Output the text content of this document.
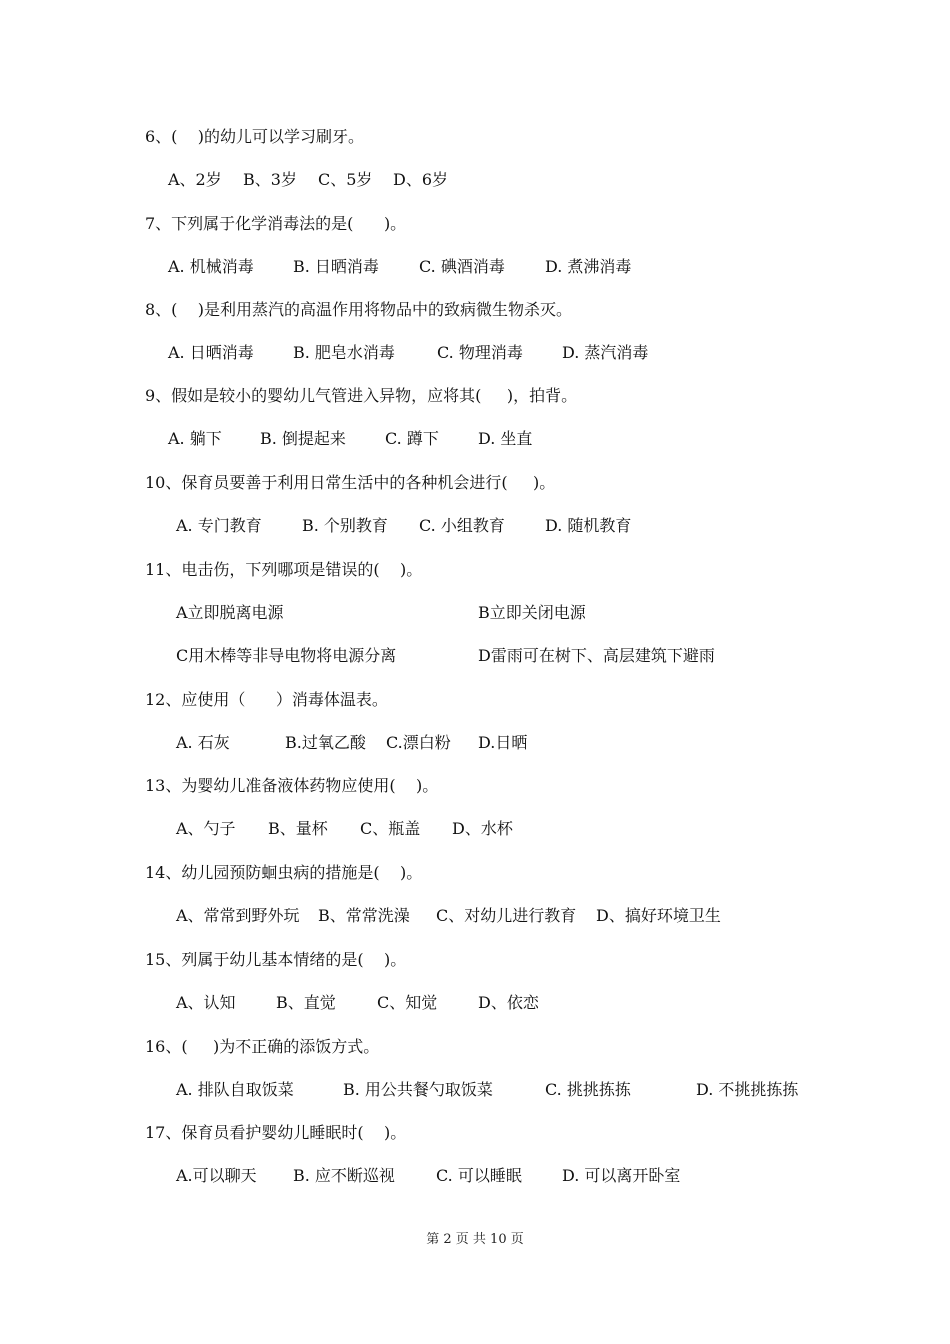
6、(    )的幼儿可以学习刷牙。
A、2岁 B、3岁 C、5岁 D、6岁
7、下列属于化学消毒法的是(      )。
A. 机械消毒 B. 日晒消毒	C. 碘酒消毒	D. 煮沸消毒
8、(    )是利用蒸汽的高温作用将物品中的致病微生物杀灭。
A. 日晒消毒 B. 肥皂水消毒	C. 物理消毒 D. 蒸汽消毒
9、假如是较小的婴幼儿气管进入异物，应将其(     )，拍背。
A. 躺下 B. 倒提起来 C. 蹲下 D. 坐直
10、保育员要善于利用日常生活中的各种机会进行(     )。
A. 专门教育	B. 个别教育 C. 小组教育	D. 随机教育
11、电击伤，下列哪项是错误的(    )。
A立即脱离电源	B立即关闭电源
C用木棒等非导电物将电源分离	D雷雨可在树下、高层建筑下避雨
12、应使用（      ）消毒体温表。
A. 石灰	B.过氧乙酸 C.漂白粉 D.日晒
13、为婴幼儿准备液体药物应使用(    )。
A、勺子 B、量杯 C、瓶盖 D、水杯
14、幼儿园预防蛔虫病的措施是(    )。
A、常常到野外玩 B、常常洗澡 C、对幼儿进行教育 D、搞好环境卫生
15、列属于幼儿基本情绪的是(    )。
A、认知	B、直觉	C、知觉	D、依恋
16、(     )为不正确的添饭方式。
A. 排队自取饭菜	B. 用公共餐勺取饭菜	C. 挑挑拣拣	D. 不挑挑拣拣
17、保育员看护婴幼儿睡眠时(    )。
A.可以聊天 B. 应不断巡视	C. 可以睡眠	D. 可以离开卧室
第 2 页 共 10 页
